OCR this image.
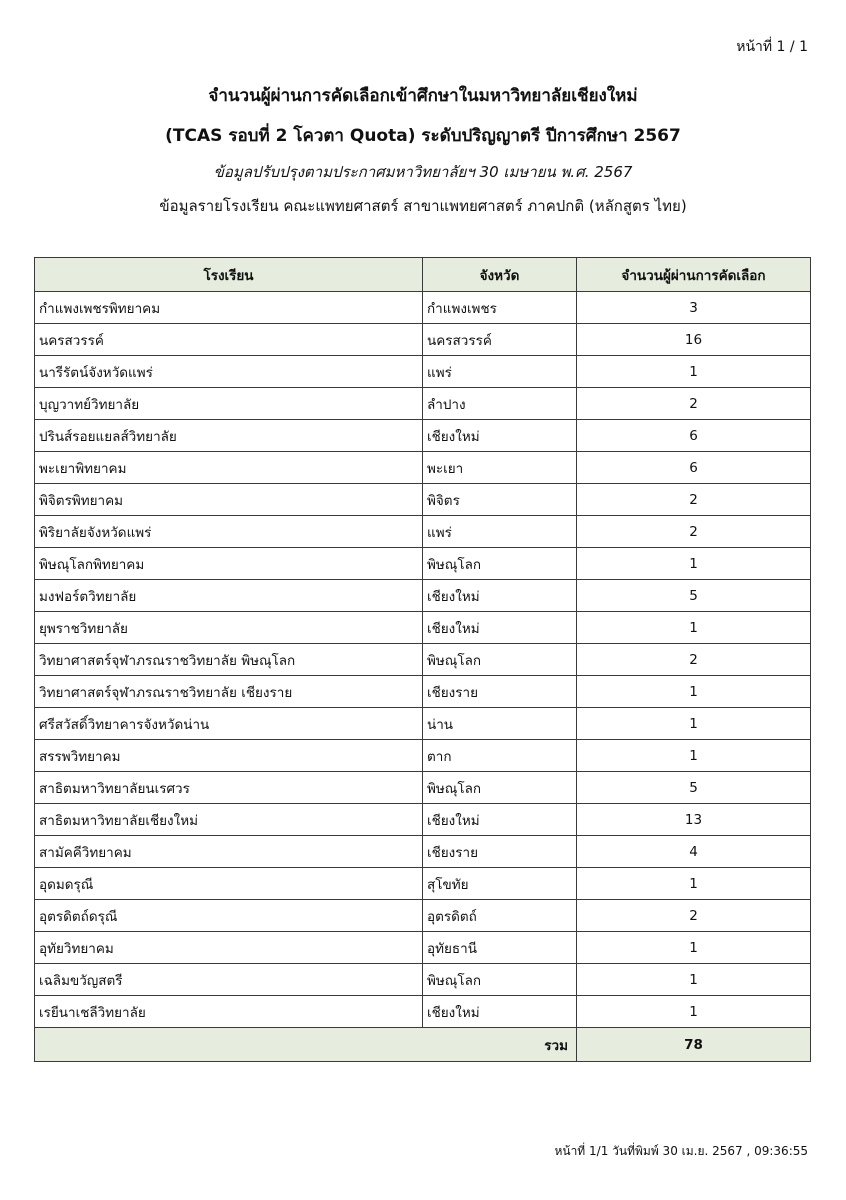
หน้าที่ 1 / 1
จำนวนผู้ผ่านการคัดเลือกเข้าศึกษาในมหาวิทยาลัยเชียงใหม่
(TCAS รอบที่ 2 โควตา Quota) ระดับปริญญาตรี ปีการศึกษา 2567
ข้อมูลปรับปรุงตามประกาศมหาวิทยาลัยฯ 30 เมษายน พ.ศ. 2567
ข้อมูลรายโรงเรียน คณะแพทยศาสตร์ สาขาแพทยศาสตร์ ภาคปกติ (หลักสูตร ไทย)
โรงเรียน	จังหวัด	จำนวนผู้ผ่านการคัดเลือก
กำแพงเพชรพิทยาคม	กำแพงเพชร	3
นครสวรรค์	นครสวรรค์	16
นารีรัตน์จังหวัดแพร่	แพร่	1
บุญวาทย์วิทยาลัย	ลำปาง	2
ปรินส์รอยแยลส์วิทยาลัย	เชียงใหม่	6
พะเยาพิทยาคม	พะเยา	6
พิจิตรพิทยาคม	พิจิตร	2
พิริยาลัยจังหวัดแพร่	แพร่	2
พิษณุโลกพิทยาคม	พิษณุโลก	1
มงฟอร์ตวิทยาลัย	เชียงใหม่	5
ยุพราชวิทยาลัย	เชียงใหม่	1
วิทยาศาสตร์จุฬาภรณราชวิทยาลัย พิษณุโลก	พิษณุโลก	2
วิทยาศาสตร์จุฬาภรณราชวิทยาลัย เชียงราย	เชียงราย	1
ศรีสวัสดิ์วิทยาคารจังหวัดน่าน	น่าน	1
สรรพวิทยาคม	ตาก	1
สาธิตมหาวิทยาลัยนเรศวร	พิษณุโลก	5
สาธิตมหาวิทยาลัยเชียงใหม่	เชียงใหม่	13
สามัคคีวิทยาคม	เชียงราย	4
อุดมดรุณี	สุโขทัย	1
อุตรดิตถ์ดรุณี	อุตรดิตถ์	2
อุทัยวิทยาคม	อุทัยธานี	1
เฉลิมขวัญสตรี	พิษณุโลก	1
เรยีนาเชลีวิทยาลัย	เชียงใหม่	1
รวม		78
หน้าที่ 1/1 วันที่พิมพ์ 30 เม.ย. 2567 , 09:36:55
